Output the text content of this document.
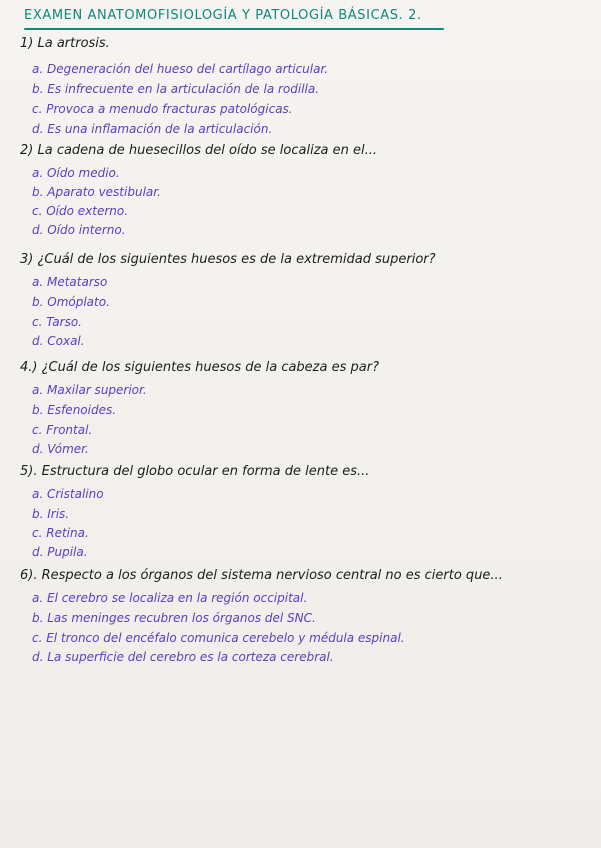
EXAMEN ANATOMOFISIOLOGÍA Y PATOLOGÍA BÁSICAS. 2.
1) La artrosis.
a. Degeneración del hueso del cartílago articular.
b. Es infrecuente en la articulación de la rodilla.
c. Provoca a menudo fracturas patológicas.
d. Es una inflamación de la articulación.
2) La cadena de huesecillos del oído se localiza en el...
a. Oído medio.
b. Aparato vestibular.
c. Oído externo.
d. Oído interno.
3) ¿Cuál de los siguientes huesos es de la extremidad superior?
a. Metatarso
b. Omóplato.
c. Tarso.
d. Coxal.
4.) ¿Cuál de los siguientes huesos de la cabeza es par?
a. Maxilar superior.
b. Esfenoides.
c. Frontal.
d. Vómer.
5). Estructura del globo ocular en forma de lente es...
a. Cristalino
b. Iris.
c. Retina.
d. Pupila.
6). Respecto a los órganos del sistema nervioso central no es cierto que...
a. El cerebro se localiza en la región occipital.
b. Las meninges recubren los órganos del SNC.
c. El tronco del encéfalo comunica cerebelo y médula espinal.
d. La superficie del cerebro es la corteza cerebral.
